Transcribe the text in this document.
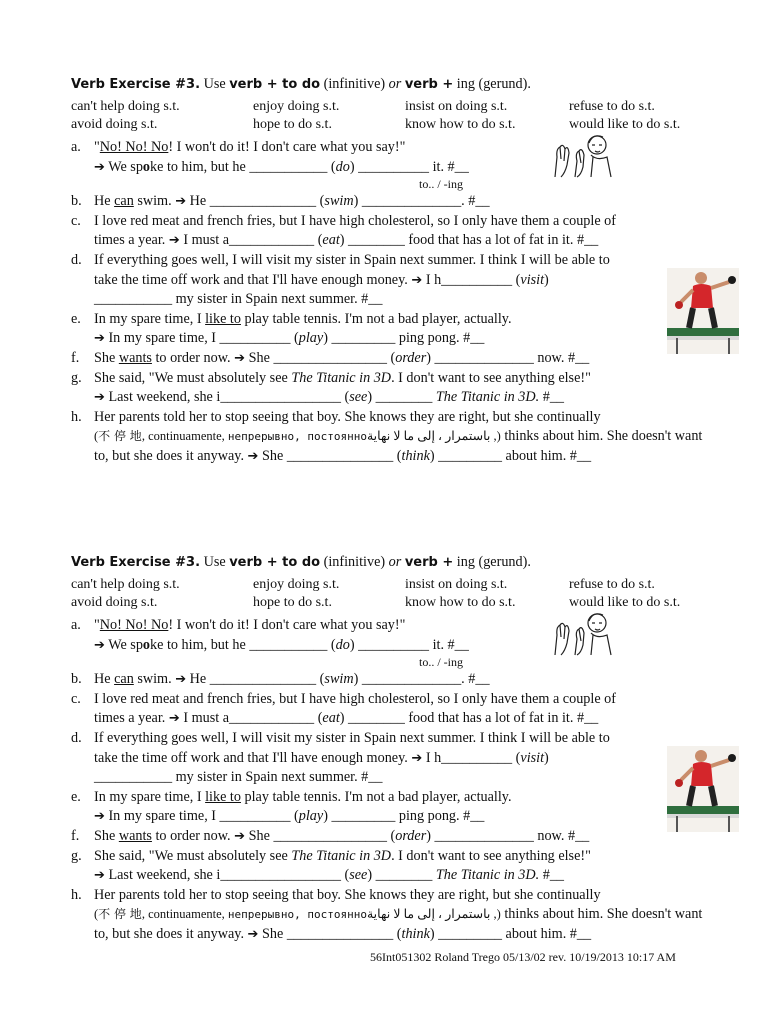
Verb Exercise #3. Use verb + to do (infinitive) or verb + ing (gerund).
can't help doing s.t.	enjoy doing s.t.	insist on doing s.t.	refuse to do s.t.
avoid doing s.t.	hope to do s.t.	know how to do s.t.	would like to do s.t.
a. "No! No! No! I won't do it! I don't care what you say!"
➔ We spoke to him, but he ___________ (do) __________ it. #__
to.. / -ing
b. He can swim. ➔ He _______________ (swim) ______________. #__
c. I love red meat and french fries, but I have high cholesterol, so I only have them a couple of
times a year. ➔ I must a____________ (eat) ________ food that has a lot of fat in it. #__
d. If everything goes well, I will visit my sister in Spain next summer. I think I will be able to
take the time off work and that I'll have enough money. ➔ I h__________ (visit)
___________ my sister in Spain next summer. #__
e. In my spare time, I like to play table tennis. I'm not a bad player, actually.
➔ In my spare time, I __________ (play) _________ ping pong. #__
f. She wants to order now. ➔ She ________________ (order) ______________ now. #__
g. She said, "We must absolutely see The Titanic in 3D. I don't want to see anything else!"
➔ Last weekend, she i_________________ (see) ________ The Titanic in 3D. #__
h. Her parents told her to stop seeing that boy. She knows they are right, but she continually
(不 停 地, continuamente, непрерывно, постоянно, باستمرار ، إلى ما لا نهاية) thinks about him. She doesn't want
to, but she does it anyway. ➔ She _______________ (think) _________ about him. #__
Verb Exercise #3. Use verb + to do (infinitive) or verb + ing (gerund).
can't help doing s.t.	enjoy doing s.t.	insist on doing s.t.	refuse to do s.t.
avoid doing s.t.	hope to do s.t.	know how to do s.t.	would like to do s.t.
a. "No! No! No! I won't do it! I don't care what you say!"
➔ We spoke to him, but he ___________ (do) __________ it. #__
to.. / -ing
b. He can swim. ➔ He _______________ (swim) ______________. #__
c. I love red meat and french fries, but I have high cholesterol, so I only have them a couple of
times a year. ➔ I must a____________ (eat) ________ food that has a lot of fat in it. #__
d. If everything goes well, I will visit my sister in Spain next summer. I think I will be able to
take the time off work and that I'll have enough money. ➔ I h__________ (visit)
___________ my sister in Spain next summer. #__
e. In my spare time, I like to play table tennis. I'm not a bad player, actually.
➔ In my spare time, I __________ (play) _________ ping pong. #__
f. She wants to order now. ➔ She ________________ (order) ______________ now. #__
g. She said, "We must absolutely see The Titanic in 3D. I don't want to see anything else!"
➔ Last weekend, she i_________________ (see) ________ The Titanic in 3D. #__
h. Her parents told her to stop seeing that boy. She knows they are right, but she continually
(不 停 地, continuamente, непрерывно, постоянно, باستمرار ، إلى ما لا نهاية) thinks about him. She doesn't want
to, but she does it anyway. ➔ She _______________ (think) _________ about him. #__
56Int051302 Roland Trego 05/13/02 rev. 10/19/2013 10:17 AM
